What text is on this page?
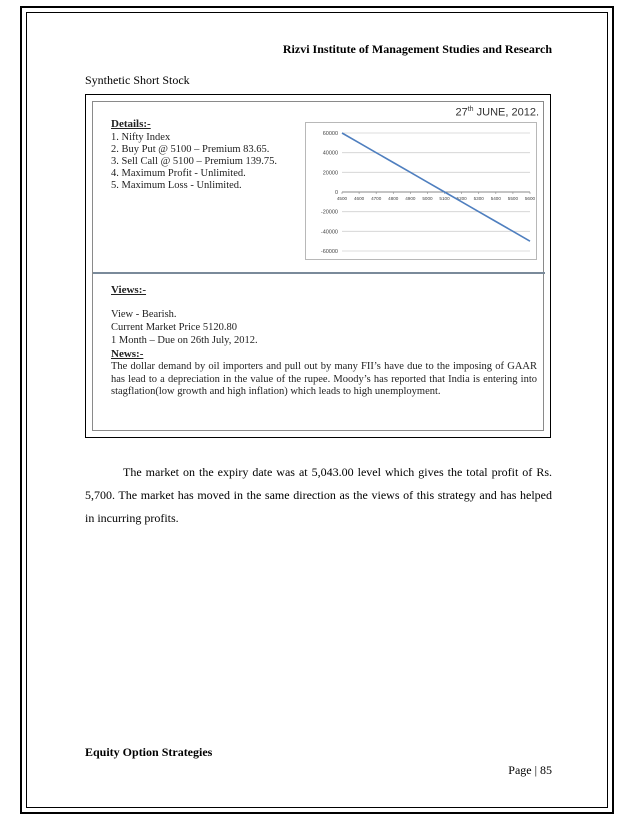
Rizvi Institute of Management Studies and Research
Synthetic Short Stock
27th JUNE, 2012.
Details:-
1. Nifty Index
2. Buy Put @ 5100 – Premium 83.65.
3. Sell Call @ 5100 – Premium 139.75.
4. Maximum Profit - Unlimited.
5. Maximum Loss - Unlimited.
60000
40000
20000
0
-20000
-40000
-60000
4500 4600 4700 4800 4900 5000 5100 5200 5300 5400 5500 5600
Views:-
View - Bearish.
Current Market Price 5120.80
1 Month – Due on 26th July, 2012.
News:-
The dollar demand by oil importers and pull out by many FII’s have due to the imposing of GAAR has lead to a depreciation in the value of the rupee. Moody’s has reported that India is entering into stagflation(low growth and high inflation) which leads to high unemployment.

The market on the expiry date was at 5,043.00 level which gives the total profit of Rs. 5,700. The market has moved in the same direction as the views of this strategy and has helped in incurring profits.

Equity Option Strategies
Page | 85
